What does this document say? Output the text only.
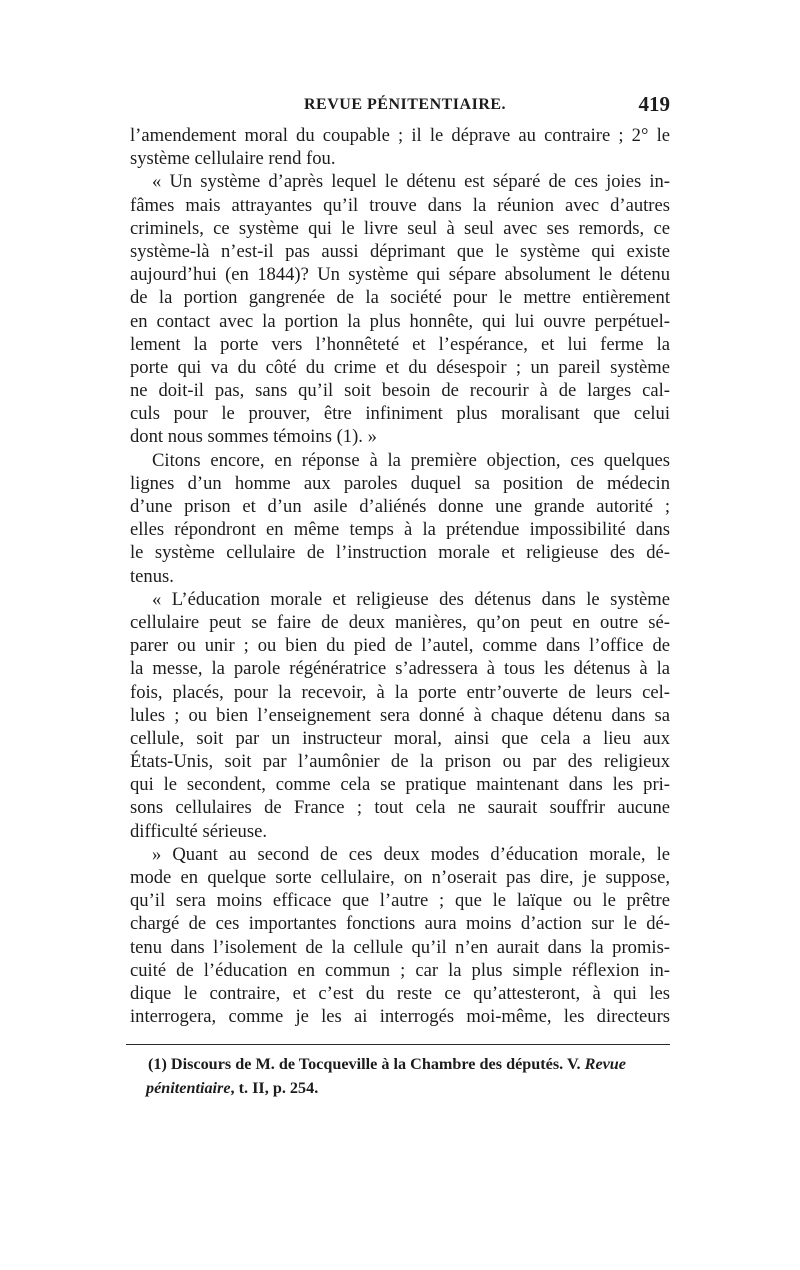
REVUE PÉNITENTIAIRE.	419
l’amendement moral du coupable ; il le déprave au contraire ; 2° le
système cellulaire rend fou.
« Un système d’après lequel le détenu est séparé de ces joies in-
fâmes mais attrayantes qu’il trouve dans la réunion avec d’autres
criminels, ce système qui le livre seul à seul avec ses remords, ce
système-là n’est-il pas aussi déprimant que le système qui existe
aujourd’hui (en 1844)? Un système qui sépare absolument le détenu
de la portion gangrenée de la société pour le mettre entièrement
en contact avec la portion la plus honnête, qui lui ouvre perpétuel-
lement la porte vers l’honnêteté et l’espérance, et lui ferme la
porte qui va du côté du crime et du désespoir ; un pareil système
ne doit-il pas, sans qu’il soit besoin de recourir à de larges cal-
culs pour le prouver, être infiniment plus moralisant que celui
dont nous sommes témoins (1). »
Citons encore, en réponse à la première objection, ces quelques
lignes d’un homme aux paroles duquel sa position de médecin
d’une prison et d’un asile d’aliénés donne une grande autorité ;
elles répondront en même temps à la prétendue impossibilité dans
le système cellulaire de l’instruction morale et religieuse des dé-
tenus.
« L’éducation morale et religieuse des détenus dans le système
cellulaire peut se faire de deux manières, qu’on peut en outre sé-
parer ou unir ; ou bien du pied de l’autel, comme dans l’office de
la messe, la parole régénératrice s’adressera à tous les détenus à la
fois, placés, pour la recevoir, à la porte entr’ouverte de leurs cel-
lules ; ou bien l’enseignement sera donné à chaque détenu dans sa
cellule, soit par un instructeur moral, ainsi que cela a lieu aux
États-Unis, soit par l’aumônier de la prison ou par des religieux
qui le secondent, comme cela se pratique maintenant dans les pri-
sons cellulaires de France ; tout cela ne saurait souffrir aucune
difficulté sérieuse.
» Quant au second de ces deux modes d’éducation morale, le
mode en quelque sorte cellulaire, on n’oserait pas dire, je suppose,
qu’il sera moins efficace que l’autre ; que le laïque ou le prêtre
chargé de ces importantes fonctions aura moins d’action sur le dé-
tenu dans l’isolement de la cellule qu’il n’en aurait dans la promis-
cuité de l’éducation en commun ; car la plus simple réflexion in-
dique le contraire, et c’est du reste ce qu’attesteront, à qui les
interrogera, comme je les ai interrogés moi-même, les directeurs
(1) Discours de M. de Tocqueville à la Chambre des députés. V. Revue
pénitentiaire, t. II, p. 254.
